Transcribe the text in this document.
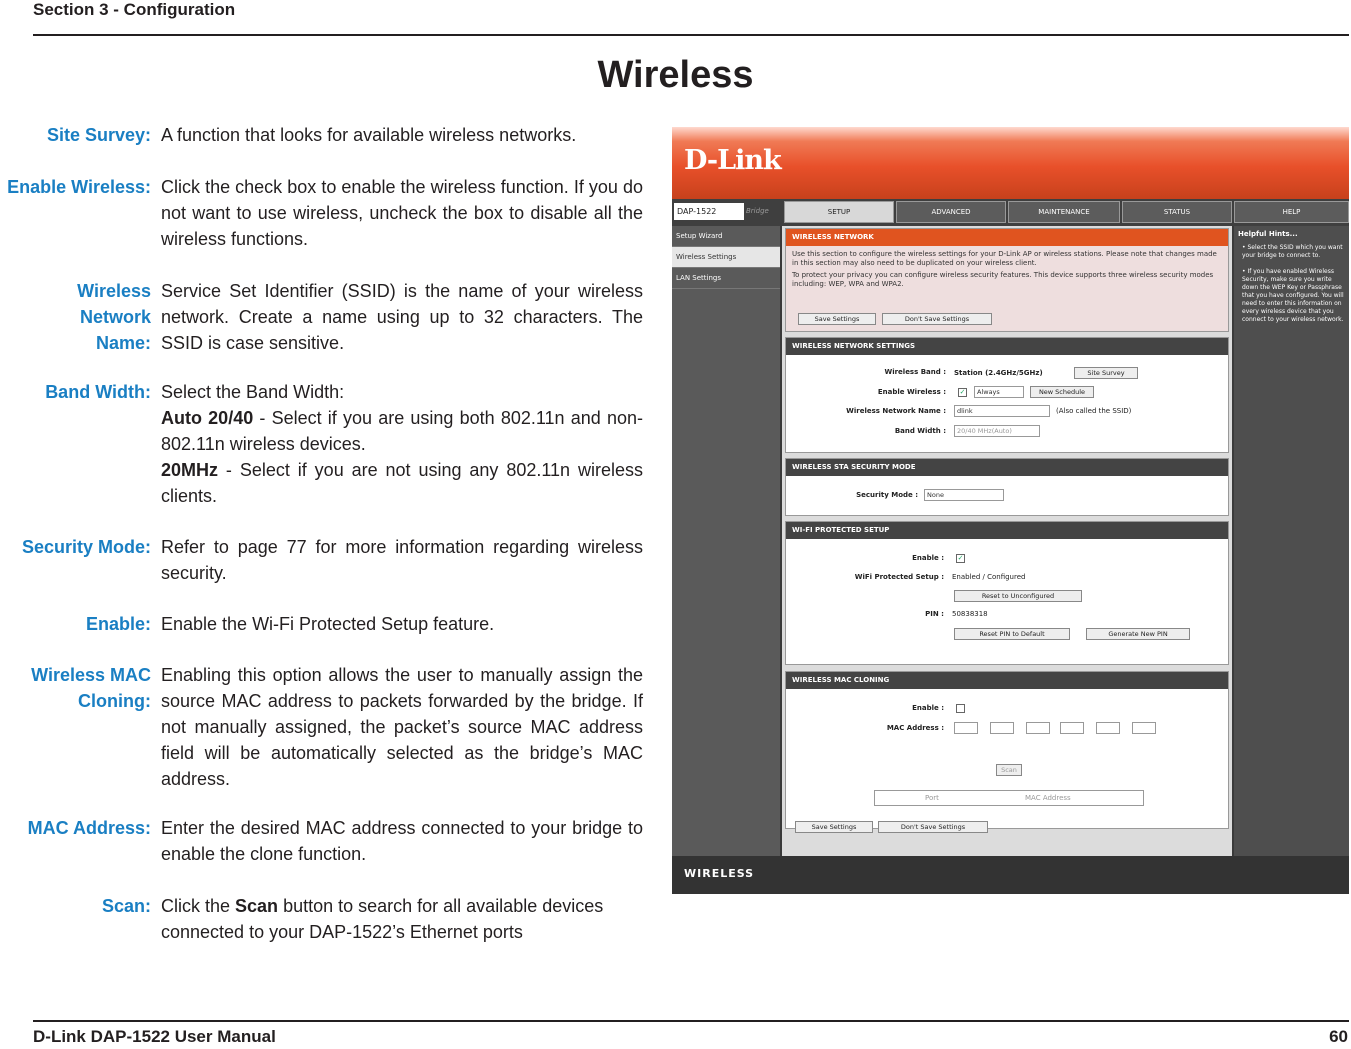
Section 3 - Configuration
Wireless
Site Survey: A function that looks for available wireless networks.
Enable Wireless: Click the check box to enable the wireless function. If you do not want to use wireless, uncheck the box to disable all the wireless functions.
Wireless Network Name:
Service Set Identifier (SSID) is the name of your wireless network. Create a name using up to 32 characters. The SSID is case sensitive.
Band Width: Select the Band Width:
Auto 20/40 - Select if you are using both 802.11n and non-802.11n wireless devices.
20MHz - Select if you are not using any 802.11n wireless clients.
Security Mode: Refer to page 77 for more information regarding wireless security.
Enable: Enable the Wi-Fi Protected Setup feature.
Wireless MAC Cloning:
Enabling this option allows the user to manually assign the source MAC address to packets forwarded by the bridge. If not manually assigned, the packet’s source MAC address field will be automatically selected as the bridge’s MAC address.
MAC Address: Enter the desired MAC address connected to your bridge to enable the clone function.
Scan: Click the Scan button to search for all available devices connected to your DAP-1522’s Ethernet ports
D-Link
DAP-1522	Bridge	SETUP	ADVANCED	MAINTENANCE	STATUS	HELP
Setup Wizard
Wireless Settings
LAN Settings
WIRELESS NETWORK
Use this section to configure the wireless settings for your D-Link AP or wireless stations. Please note that changes made in this section may also need to be duplicated on your wireless client.
To protect your privacy you can configure wireless security features. This device supports three wireless security modes including: WEP, WPA and WPA2.
Save Settings	Don't Save Settings
WIRELESS NETWORK SETTINGS
Wireless Band : Station (2.4GHz/5GHz)	Site Survey
Enable Wireless : ✓	Always	New Schedule
Wireless Network Name :	dlink	(Also called the SSID)
Band Width :	20/40 MHz(Auto)
WIRELESS STA SECURITY MODE
Security Mode :	None
WI-FI PROTECTED SETUP
Enable : ✓
WiFi Protected Setup : Enabled / Configured
Reset to Unconfigured
PIN : 50838318
Reset PIN to Default	Generate New PIN
WIRELESS MAC CLONING
Enable :
MAC Address :
Scan
Port	MAC Address
Save Settings	Don't Save Settings
Helpful Hints...
• Select the SSID which you want your bridge to connect to.
• If you have enabled Wireless Security, make sure you write down the WEP Key or Passphrase that you have configured. You will need to enter this information on every wireless device that you connect to your wireless network.
WIRELESS
D-Link DAP-1522 User Manual	60
